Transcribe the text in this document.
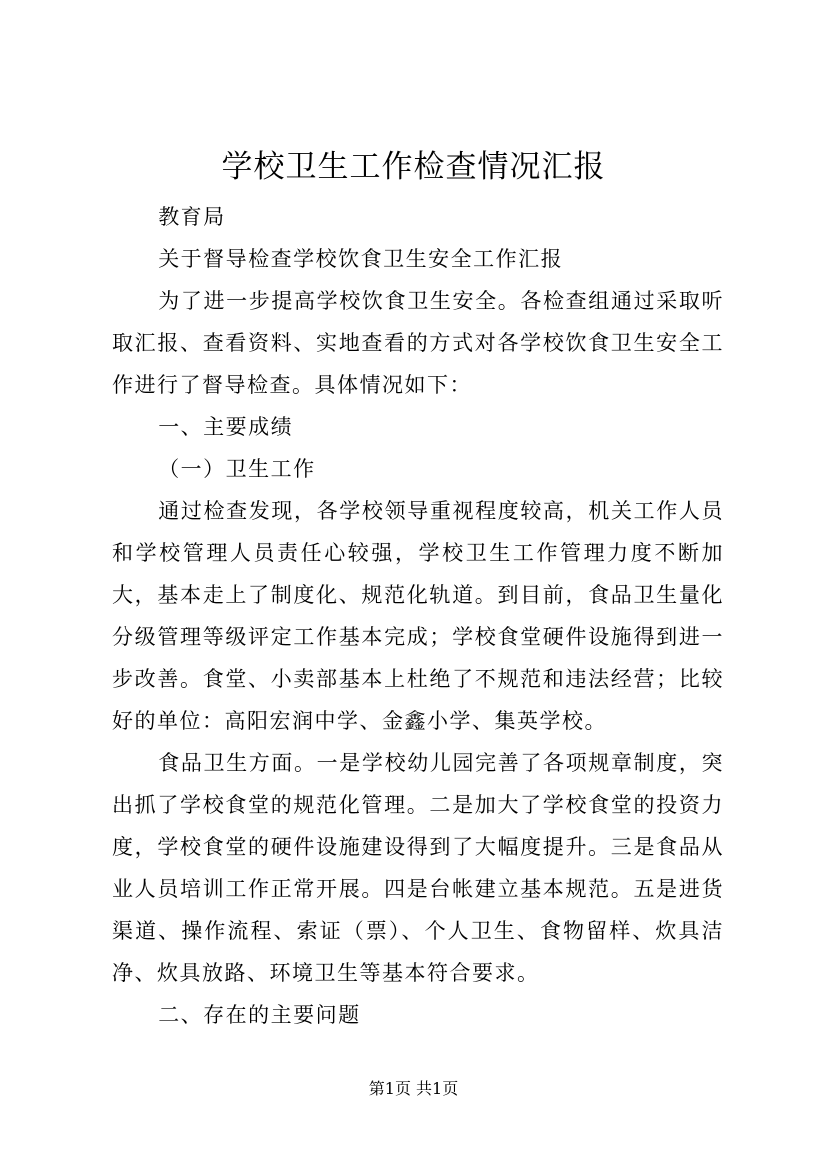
学校卫生工作检查情况汇报

教育局

关于督导检查学校饮食卫生安全工作汇报

为了进一步提高学校饮食卫生安全。各检查组通过采取听取汇报、查看资料、实地查看的方式对各学校饮食卫生安全工作进行了督导检查。具体情况如下：

一、主要成绩

（一）卫生工作

通过检查发现，各学校领导重视程度较高，机关工作人员和学校管理人员责任心较强，学校卫生工作管理力度不断加大，基本走上了制度化、规范化轨道。到目前，食品卫生量化分级管理等级评定工作基本完成；学校食堂硬件设施得到进一步改善。食堂、小卖部基本上杜绝了不规范和违法经营；比较好的单位：高阳宏润中学、金鑫小学、集英学校。

食品卫生方面。一是学校幼儿园完善了各项规章制度，突出抓了学校食堂的规范化管理。二是加大了学校食堂的投资力度，学校食堂的硬件设施建设得到了大幅度提升。三是食品从业人员培训工作正常开展。四是台帐建立基本规范。五是进货渠道、操作流程、索证（票）、个人卫生、食物留样、炊具洁净、炊具放路、环境卫生等基本符合要求。

二、存在的主要问题

第1页 共1页
